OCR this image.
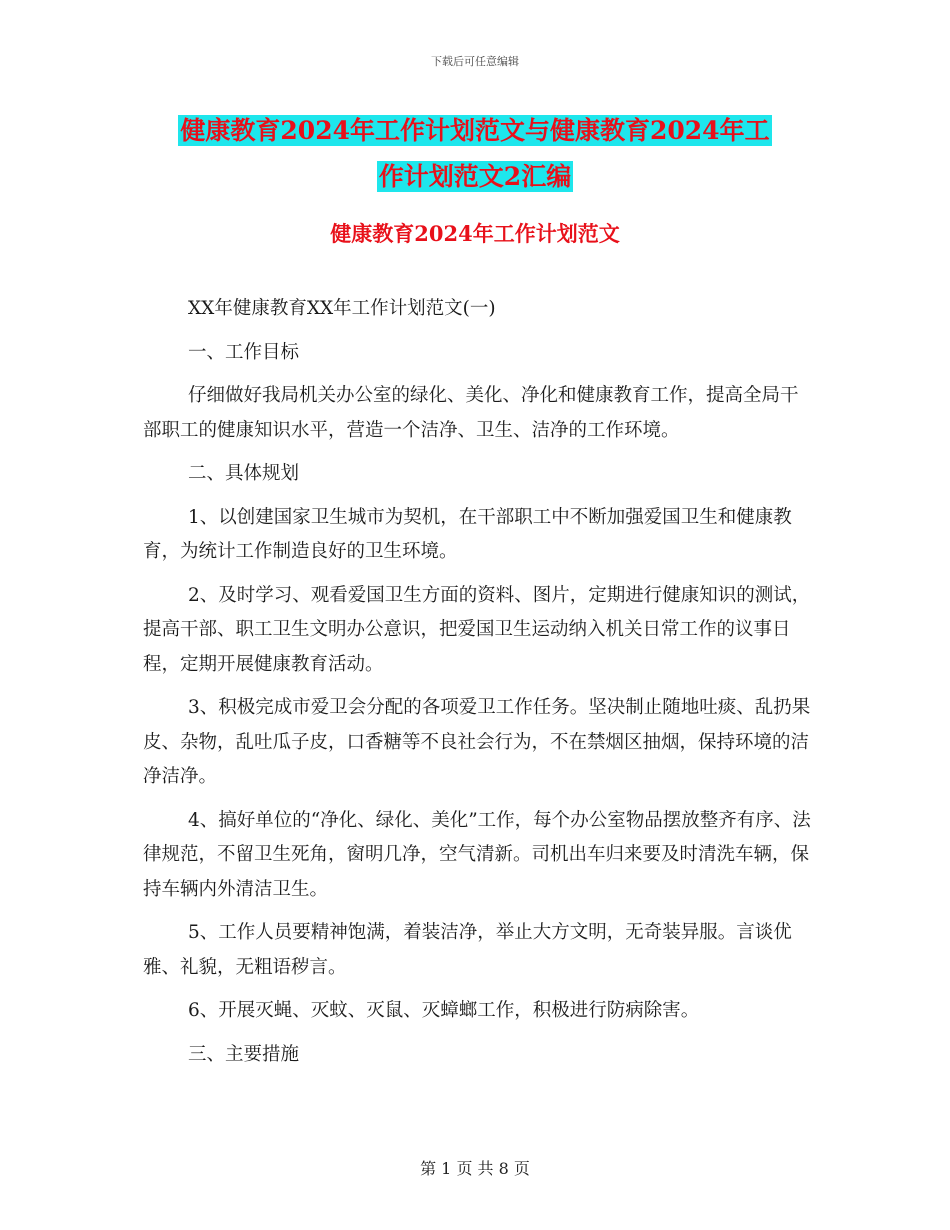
下载后可任意编辑
健康教育2024年工作计划范文与健康教育2024年工
作计划范文2汇编
健康教育2024年工作计划范文

XX年健康教育XX年工作计划范文(一)

一、工作目标

仔细做好我局机关办公室的绿化、美化、净化和健康教育工作，提高全局干部职工的健康知识水平，营造一个洁净、卫生、洁净的工作环境。

二、具体规划

1、以创建国家卫生城市为契机，在干部职工中不断加强爱国卫生和健康教育，为统计工作制造良好的卫生环境。

2、及时学习、观看爱国卫生方面的资料、图片，定期进行健康知识的测试，提高干部、职工卫生文明办公意识，把爱国卫生运动纳入机关日常工作的议事日程，定期开展健康教育活动。

3、积极完成市爱卫会分配的各项爱卫工作任务。坚决制止随地吐痰、乱扔果皮、杂物，乱吐瓜子皮，口香糖等不良社会行为，不在禁烟区抽烟，保持环境的洁净洁净。

4、搞好单位的“净化、绿化、美化”工作，每个办公室物品摆放整齐有序、法律规范，不留卫生死角，窗明几净，空气清新。司机出车归来要及时清洗车辆，保持车辆内外清洁卫生。

5、工作人员要精神饱满，着装洁净，举止大方文明，无奇装异服。言谈优雅、礼貌，无粗语秽言。

6、开展灭蝇、灭蚊、灭鼠、灭蟑螂工作，积极进行防病除害。

三、主要措施

第 1 页 共 8 页
